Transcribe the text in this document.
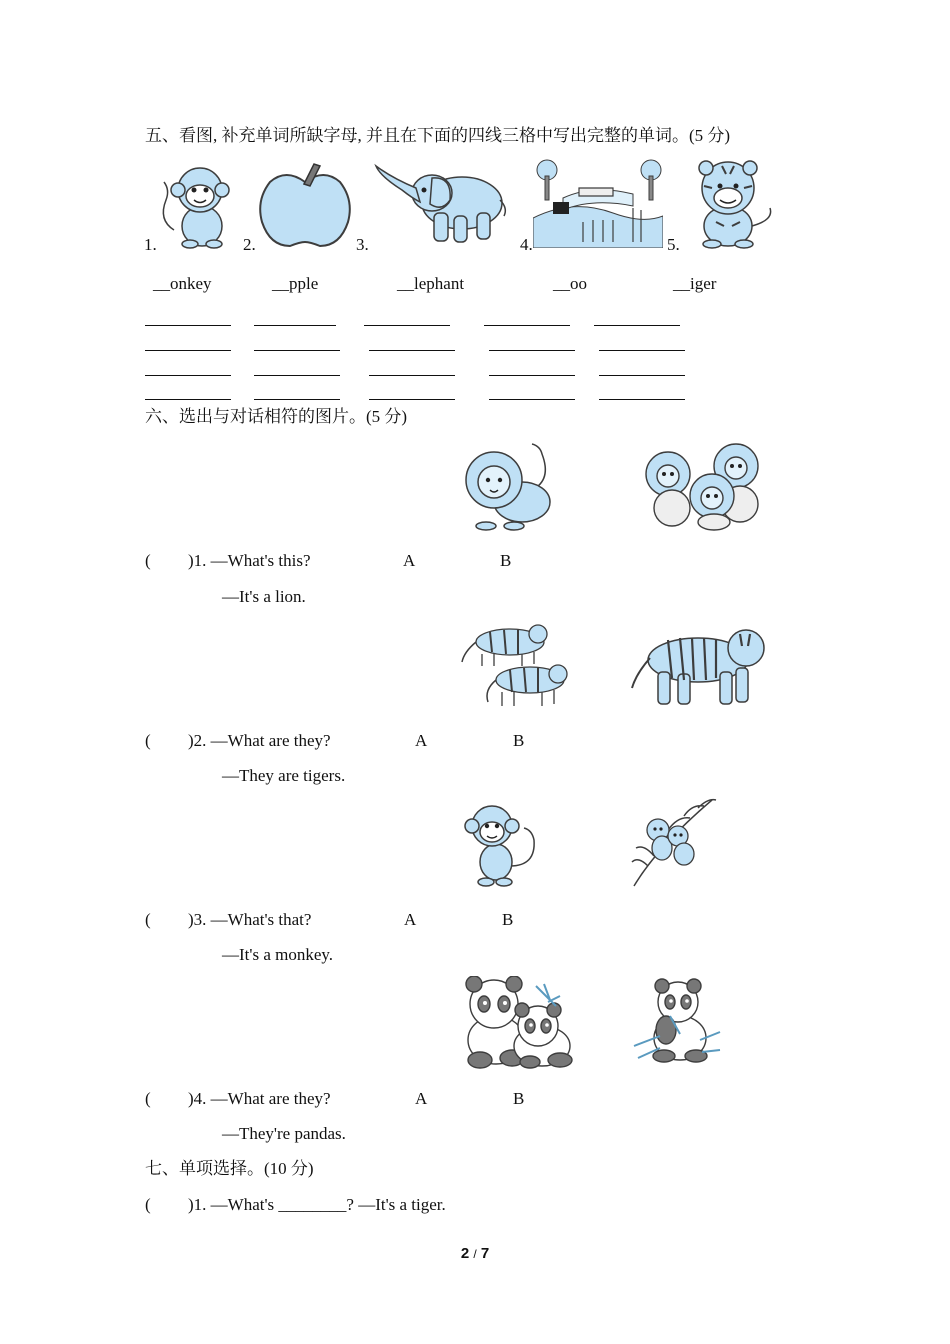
五、看图, 补充单词所缺字母, 并且在下面的四线三格中写出完整的单词。(5 分)
1.	2.	3.	4.	5.
__onkey	__pple	__lephant	__oo	__iger
六、选出与对话相符的图片。(5 分)
( )1. —What's this?	A	B
—It's a lion.
( )2. —What are they?	A	B
—They are tigers.
( )3. —What's that?	A	B
—It's a monkey.
( )4. —What are they?	A	B
—They're pandas.
七、单项选择。(10 分)
( )1. —What's ________? —It's a tiger.
2 / 7
